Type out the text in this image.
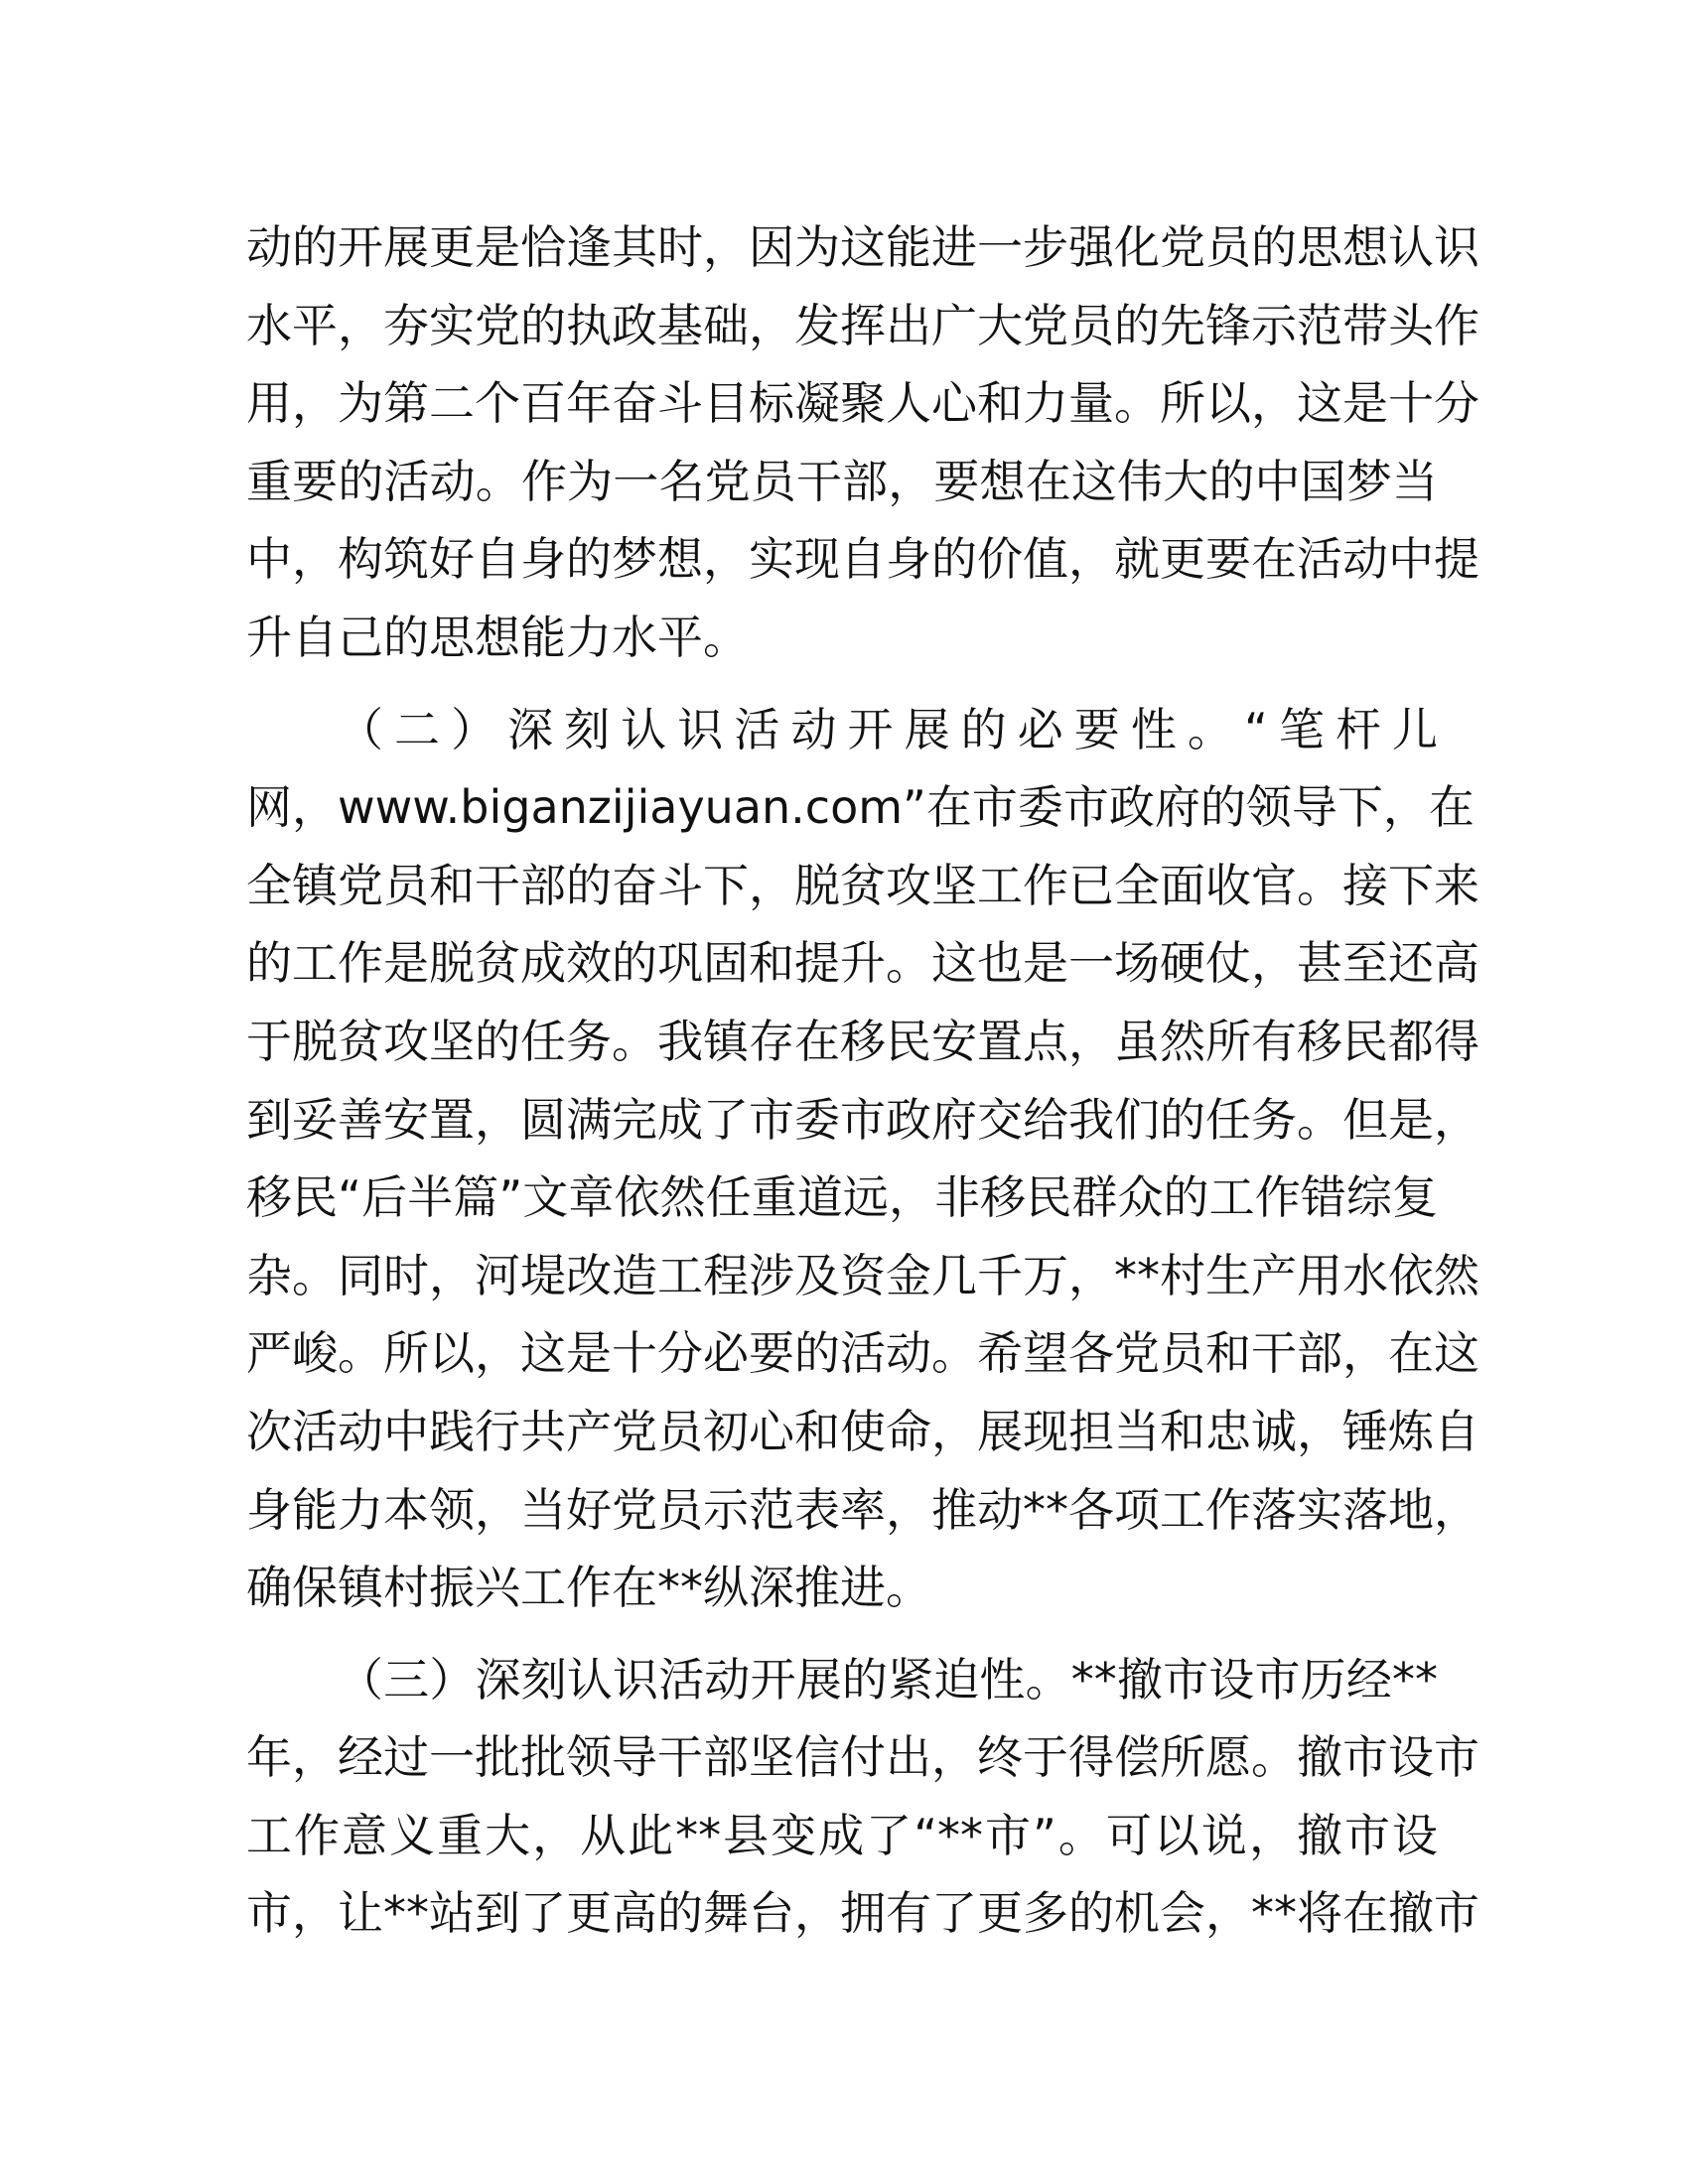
动的开展更是恰逢其时，因为这能进一步强化党员的思想认识
水平，夯实党的执政基础，发挥出广大党员的先锋示范带头作
用，为第二个百年奋斗目标凝聚人心和力量。所以，这是十分
重要的活动。作为一名党员干部，要想在这伟大的中国梦当
中，构筑好自身的梦想，实现自身的价值，就更要在活动中提
升自己的思想能力水平。

（二）深刻认识活动开展的必要性。“笔杆儿
网，www.biganzijiayuan.com”在市委市政府的领导下，在
全镇党员和干部的奋斗下，脱贫攻坚工作已全面收官。接下来
的工作是脱贫成效的巩固和提升。这也是一场硬仗，甚至还高
于脱贫攻坚的任务。我镇存在移民安置点，虽然所有移民都得
到妥善安置，圆满完成了市委市政府交给我们的任务。但是，
移民“后半篇”文章依然任重道远，非移民群众的工作错综复
杂。同时，河堤改造工程涉及资金几千万，**村生产用水依然
严峻。所以，这是十分必要的活动。希望各党员和干部，在这
次活动中践行共产党员初心和使命，展现担当和忠诚，锤炼自
身能力本领，当好党员示范表率，推动**各项工作落实落地，
确保镇村振兴工作在**纵深推进。

（三）深刻认识活动开展的紧迫性。**撤市设市历经**
年，经过一批批领导干部坚信付出，终于得偿所愿。撤市设市
工作意义重大，从此**县变成了“**市”。可以说，撤市设
市，让**站到了更高的舞台，拥有了更多的机会，**将在撤市
